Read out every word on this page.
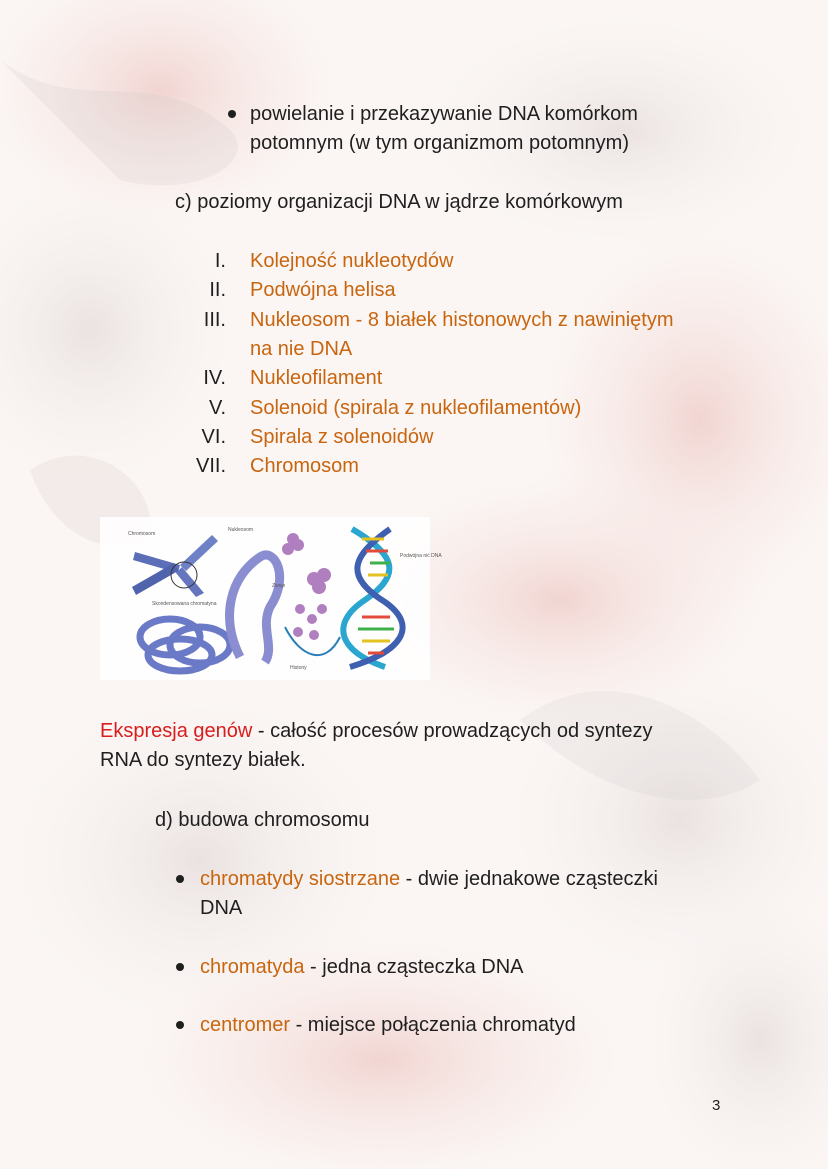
powielanie i przekazywanie DNA komórkom
potomnym (w tym organizmom potomnym)
c) poziomy organizacji DNA w jądrze komórkowym
I. Kolejność nukleotydów
II. Podwójna helisa
III. Nukleosom - 8 białek histonowych z nawiniętym
na nie DNA
IV. Nukleofilament
V. Solenoid (spirala z nukleofilamentów)
VI. Spirala z solenoidów
VII. Chromosom
Chromosom
Nukleosom
Skondensowana chromatyna
Zwoje
Podwójna nić DNA
Histony
Ekspresja genów - całość procesów prowadzących od syntezy
RNA do syntezy białek.
d) budowa chromosomu
chromatydy siostrzane - dwie jednakowe cząsteczki
DNA
chromatyda - jedna cząsteczka DNA
centromer - miejsce połączenia chromatyd
3
